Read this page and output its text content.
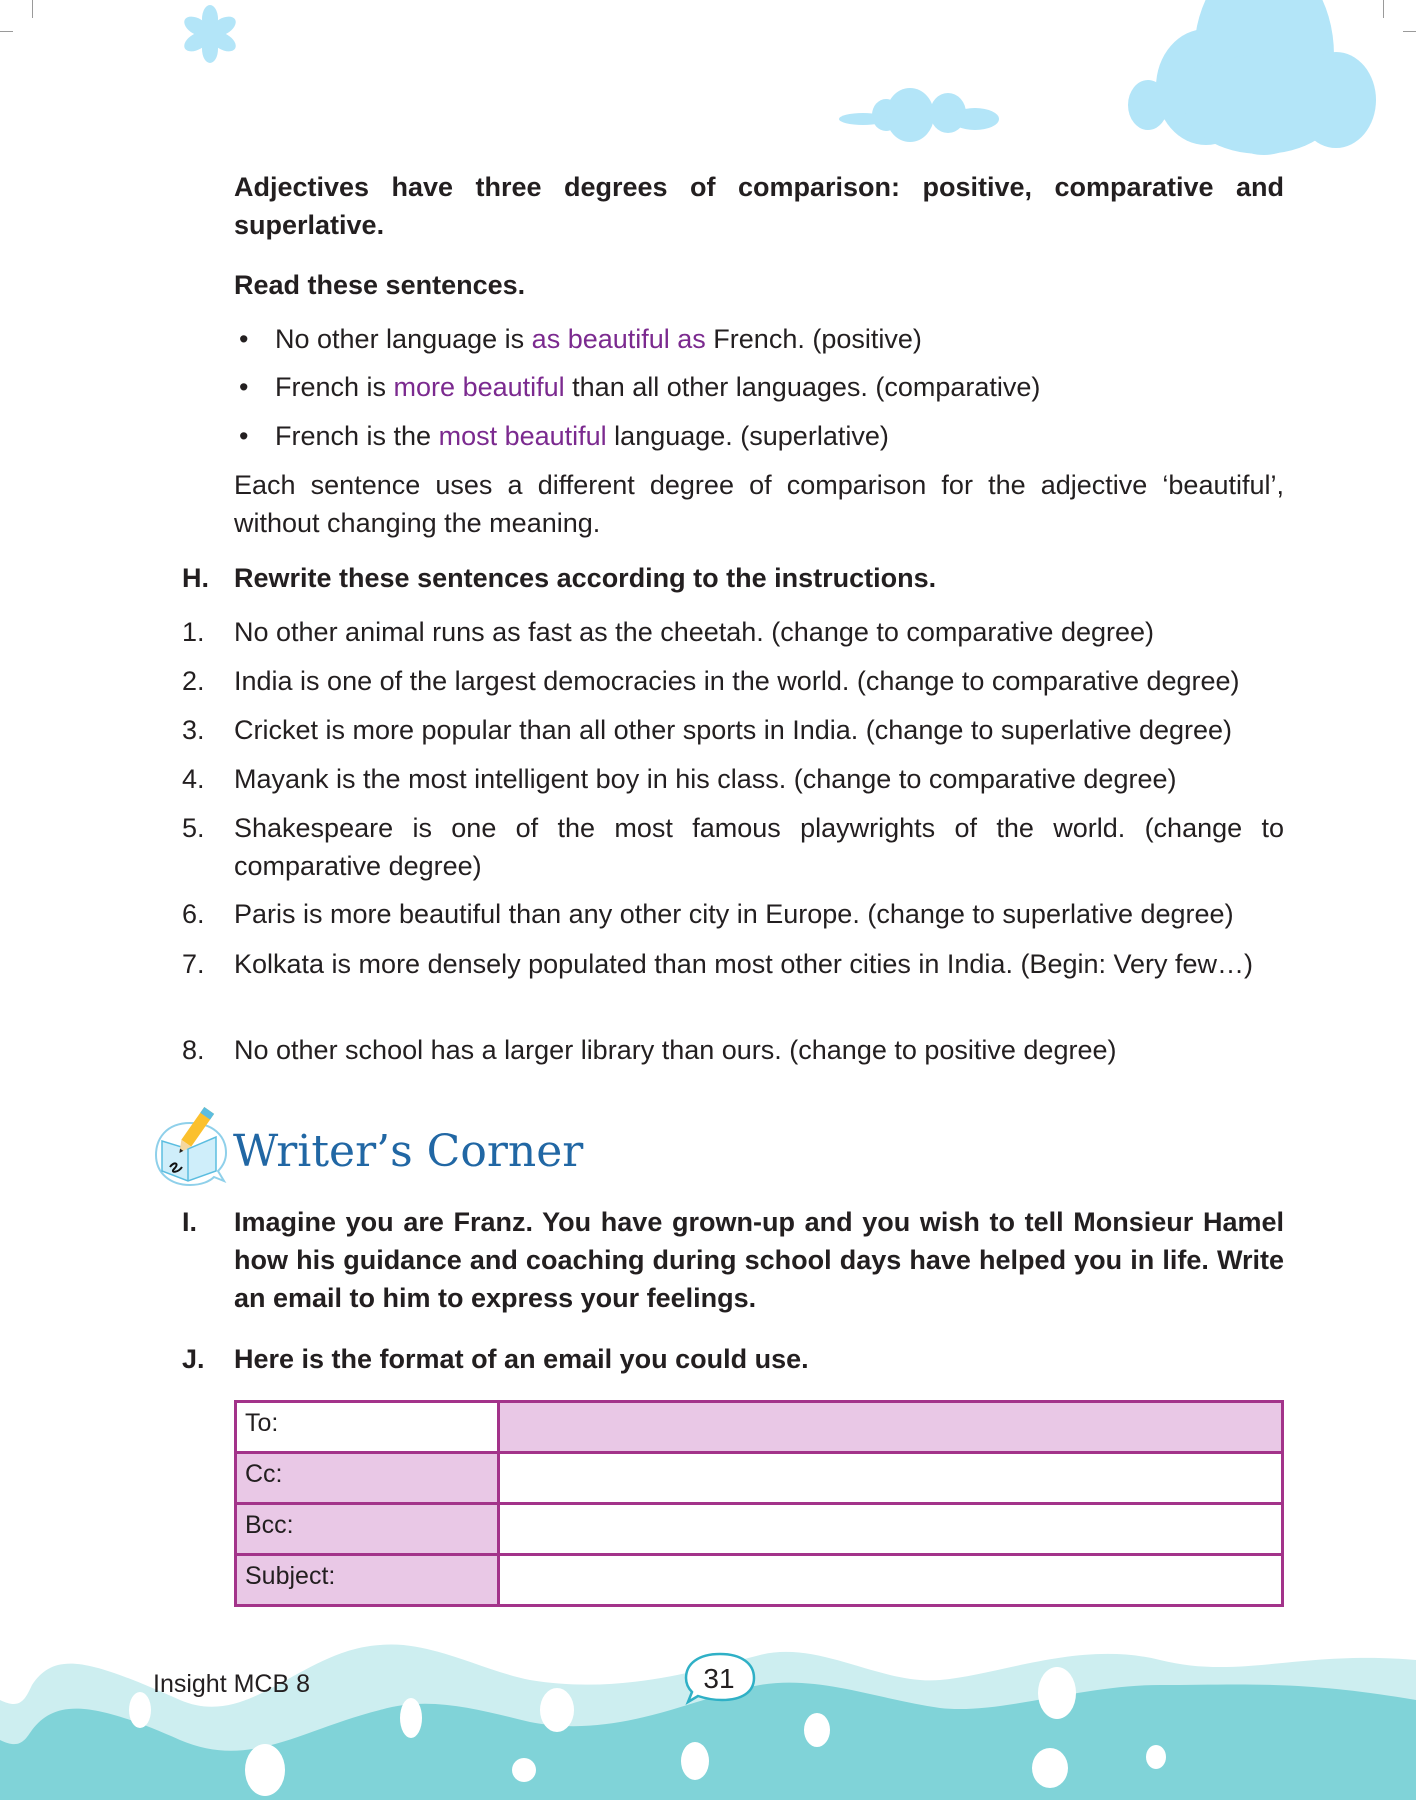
Adjectives have three degrees of comparison: positive, comparative and superlative.
Read these sentences.
• No other language is as beautiful as French. (positive)
• French is more beautiful than all other languages. (comparative)
• French is the most beautiful language. (superlative)
Each sentence uses a different degree of comparison for the adjective ‘beautiful’, without changing the meaning.
H. Rewrite these sentences according to the instructions.
1.	No other animal runs as fast as the cheetah. (change to comparative degree)
2.	India is one of the largest democracies in the world. (change to comparative degree)
3.	Cricket is more popular than all other sports in India. (change to superlative degree)
4.	Mayank is the most intelligent boy in his class. (change to comparative degree)
5.	Shakespeare is one of the most famous playwrights of the world. (change to comparative degree)
6.	Paris is more beautiful than any other city in Europe. (change to superlative degree)
7.	Kolkata is more densely populated than most other cities in India. (Begin: Very few…)
8.	No other school has a larger library than ours. (change to positive degree)
Writer’s Corner
I.	Imagine you are Franz. You have grown-up and you wish to tell Monsieur Hamel how his guidance and coaching during school days have helped you in life. Write an email to him to express your feelings.
J.	Here is the format of an email you could use.
To:	
Cc:	
Bcc:	
Subject:	
Insight MCB 8	31
